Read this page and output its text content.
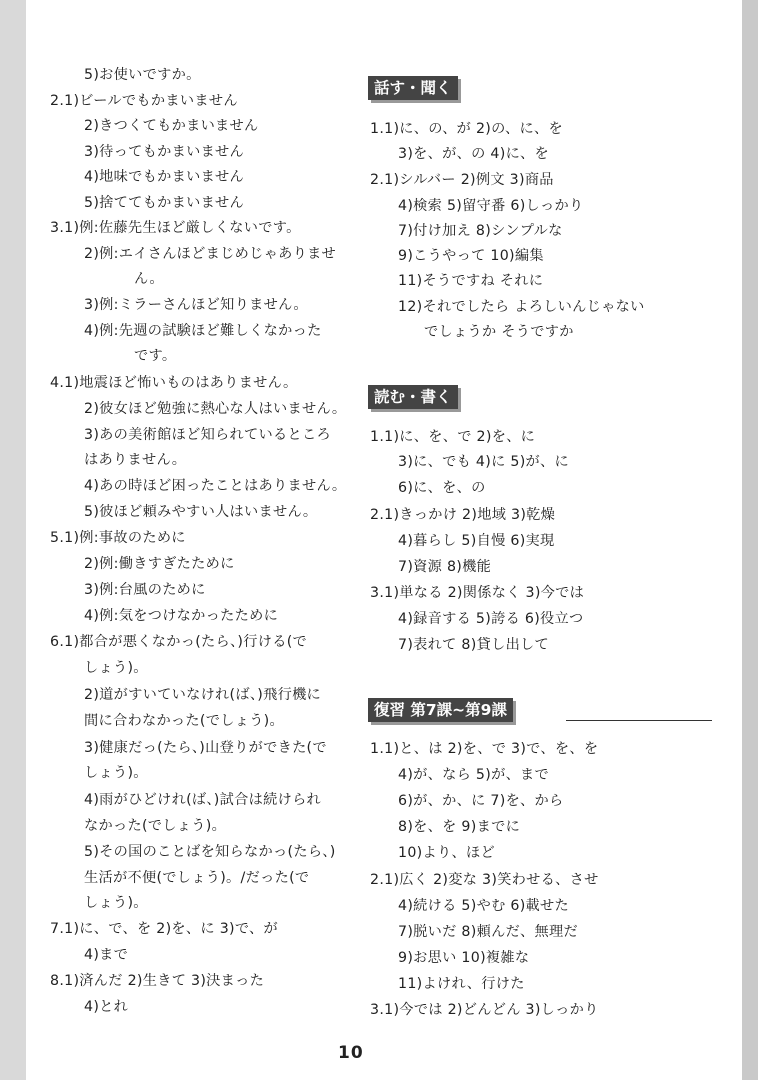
5)お使いですか。
2.1)ビールでもかまいません
2)きつくてもかまいません
3)待ってもかまいません
4)地味でもかまいません
5)捨ててもかまいません
3.1)例:佐藤先生ほど厳しくないです。
2)例:エイさんほどまじめじゃありませ
ん。
3)例:ミラーさんほど知りません。
4)例:先週の試験ほど難しくなかった
です。
4.1)地震ほど怖いものはありません。
2)彼女ほど勉強に熱心な人はいません。
3)あの美術館ほど知られているところ
はありません。
4)あの時ほど困ったことはありません。
5)彼ほど頼みやすい人はいません。
5.1)例:事故のために
2)例:働きすぎたために
3)例:台風のために
4)例:気をつけなかったために
6.1)都合が悪くなかっ(たら、)行ける(で
しょう)。
2)道がすいていなけれ(ば、)飛行機に
間に合わなかった(でしょう)。
3)健康だっ(たら、)山登りができた(で
しょう)。
4)雨がひどけれ(ば、)試合は続けられ
なかった(でしょう)。
5)その国のことばを知らなかっ(たら、)
生活が不便(でしょう)。/だった(で
しょう)。
7.1)に、で、を 2)を、に 3)で、が
4)まで
8.1)済んだ 2)生きて 3)決まった
4)とれ
話す・聞く
1.1)に、の、が 2)の、に、を
3)を、が、の 4)に、を
2.1)シルバー 2)例文 3)商品
4)検索 5)留守番 6)しっかり
7)付け加え 8)シンプルな
9)こうやって 10)編集
11)そうですね それに
12)それでしたら よろしいんじゃない
でしょうか そうですか
読む・書く
1.1)に、を、で 2)を、に
3)に、でも 4)に 5)が、に
6)に、を、の
2.1)きっかけ 2)地域 3)乾燥
4)暮らし 5)自慢 6)実現
7)資源 8)機能
3.1)単なる 2)関係なく 3)今では
4)録音する 5)誇る 6)役立つ
7)表れて 8)貸し出して
復習 第7課~第9課
1.1)と、は 2)を、で 3)で、を、を
4)が、なら 5)が、まで
6)が、か、に 7)を、から
8)を、を 9)までに
10)より、ほど
2.1)広く 2)変な 3)笑わせる、させ
4)続ける 5)やむ 6)載せた
7)脱いだ 8)頼んだ、無理だ
9)お思い 10)複雑な
11)よけれ、行けた
3.1)今では 2)どんどん 3)しっかり
10
